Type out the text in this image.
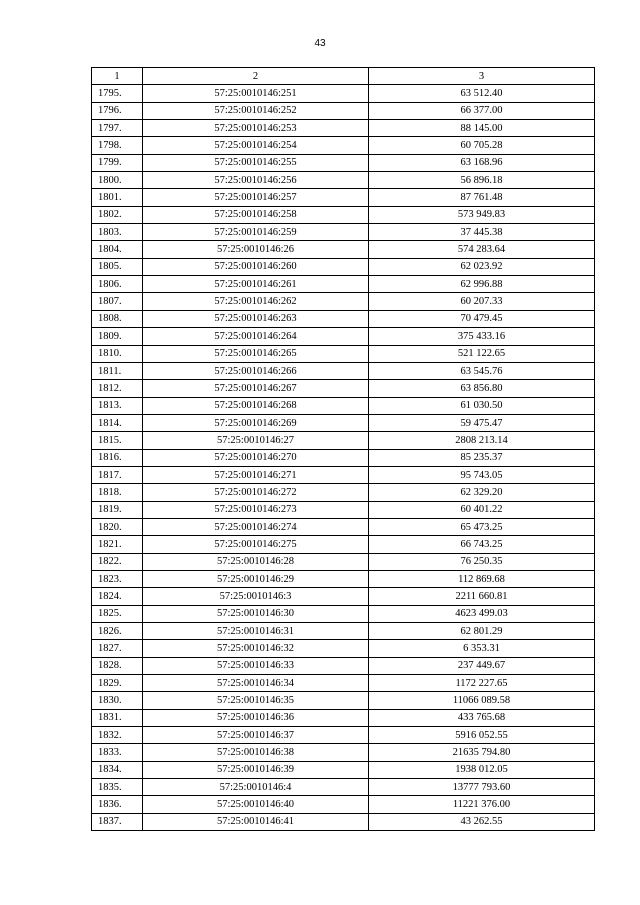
43
1	2	3
1795.	57:25:0010146:251	63 512.40
1796.	57:25:0010146:252	66 377.00
1797.	57:25:0010146:253	88 145.00
1798.	57:25:0010146:254	60 705.28
1799.	57:25:0010146:255	63 168.96
1800.	57:25:0010146:256	56 896.18
1801.	57:25:0010146:257	87 761.48
1802.	57:25:0010146:258	573 949.83
1803.	57:25:0010146:259	37 445.38
1804.	57:25:0010146:26	574 283.64
1805.	57:25:0010146:260	62 023.92
1806.	57:25:0010146:261	62 996.88
1807.	57:25:0010146:262	60 207.33
1808.	57:25:0010146:263	70 479.45
1809.	57:25:0010146:264	375 433.16
1810.	57:25:0010146:265	521 122.65
1811.	57:25:0010146:266	63 545.76
1812.	57:25:0010146:267	63 856.80
1813.	57:25:0010146:268	61 030.50
1814.	57:25:0010146:269	59 475.47
1815.	57:25:0010146:27	2808 213.14
1816.	57:25:0010146:270	85 235.37
1817.	57:25:0010146:271	95 743.05
1818.	57:25:0010146:272	62 329.20
1819.	57:25:0010146:273	60 401.22
1820.	57:25:0010146:274	65 473.25
1821.	57:25:0010146:275	66 743.25
1822.	57:25:0010146:28	76 250.35
1823.	57:25:0010146:29	112 869.68
1824.	57:25:0010146:3	2211 660.81
1825.	57:25:0010146:30	4623 499.03
1826.	57:25:0010146:31	62 801.29
1827.	57:25:0010146:32	6 353.31
1828.	57:25:0010146:33	237 449.67
1829.	57:25:0010146:34	1172 227.65
1830.	57:25:0010146:35	11066 089.58
1831.	57:25:0010146:36	433 765.68
1832.	57:25:0010146:37	5916 052.55
1833.	57:25:0010146:38	21635 794.80
1834.	57:25:0010146:39	1938 012.05
1835.	57:25:0010146:4	13777 793.60
1836.	57:25:0010146:40	11221 376.00
1837.	57:25:0010146:41	43 262.55
